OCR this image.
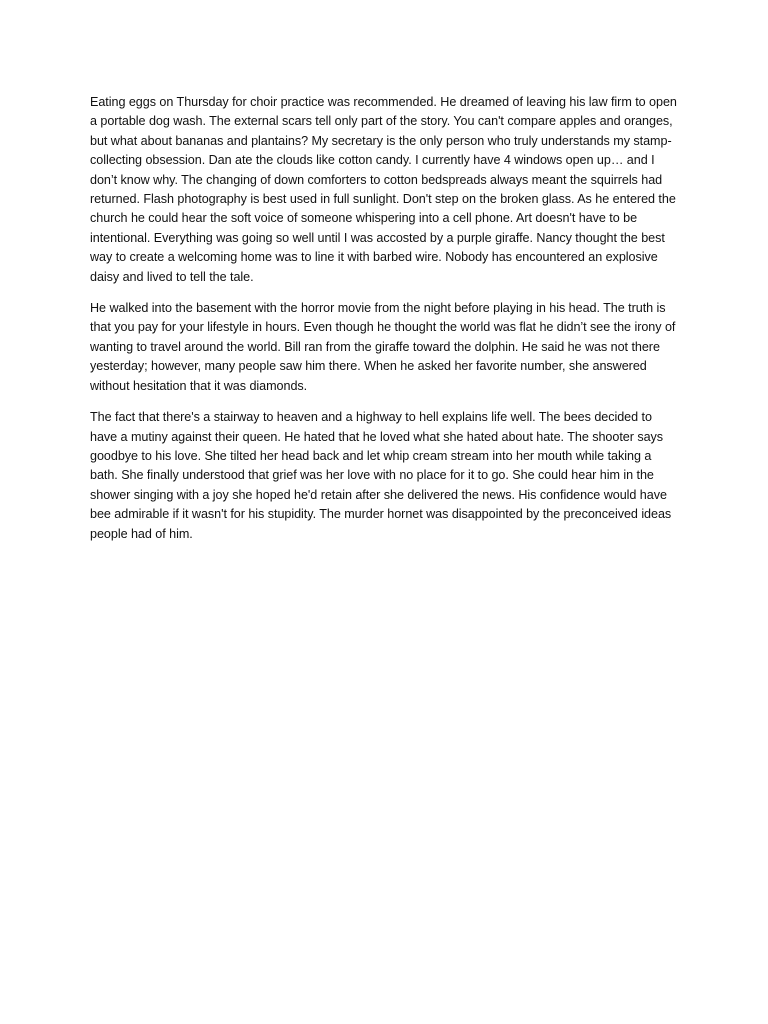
Eating eggs on Thursday for choir practice was recommended. He dreamed of leaving his law firm to open a portable dog wash. The external scars tell only part of the story. You can't compare apples and oranges, but what about bananas and plantains? My secretary is the only person who truly understands my stamp-collecting obsession. Dan ate the clouds like cotton candy. I currently have 4 windows open up… and I don’t know why. The changing of down comforters to cotton bedspreads always meant the squirrels had returned. Flash photography is best used in full sunlight. Don't step on the broken glass. As he entered the church he could hear the soft voice of someone whispering into a cell phone. Art doesn't have to be intentional. Everything was going so well until I was accosted by a purple giraffe. Nancy thought the best way to create a welcoming home was to line it with barbed wire. Nobody has encountered an explosive daisy and lived to tell the tale.

He walked into the basement with the horror movie from the night before playing in his head. The truth is that you pay for your lifestyle in hours. Even though he thought the world was flat he didn’t see the irony of wanting to travel around the world. Bill ran from the giraffe toward the dolphin. He said he was not there yesterday; however, many people saw him there. When he asked her favorite number, she answered without hesitation that it was diamonds.

The fact that there's a stairway to heaven and a highway to hell explains life well. The bees decided to have a mutiny against their queen. He hated that he loved what she hated about hate. The shooter says goodbye to his love. She tilted her head back and let whip cream stream into her mouth while taking a bath. She finally understood that grief was her love with no place for it to go. She could hear him in the shower singing with a joy she hoped he'd retain after she delivered the news. His confidence would have bee admirable if it wasn't for his stupidity. The murder hornet was disappointed by the preconceived ideas people had of him.
